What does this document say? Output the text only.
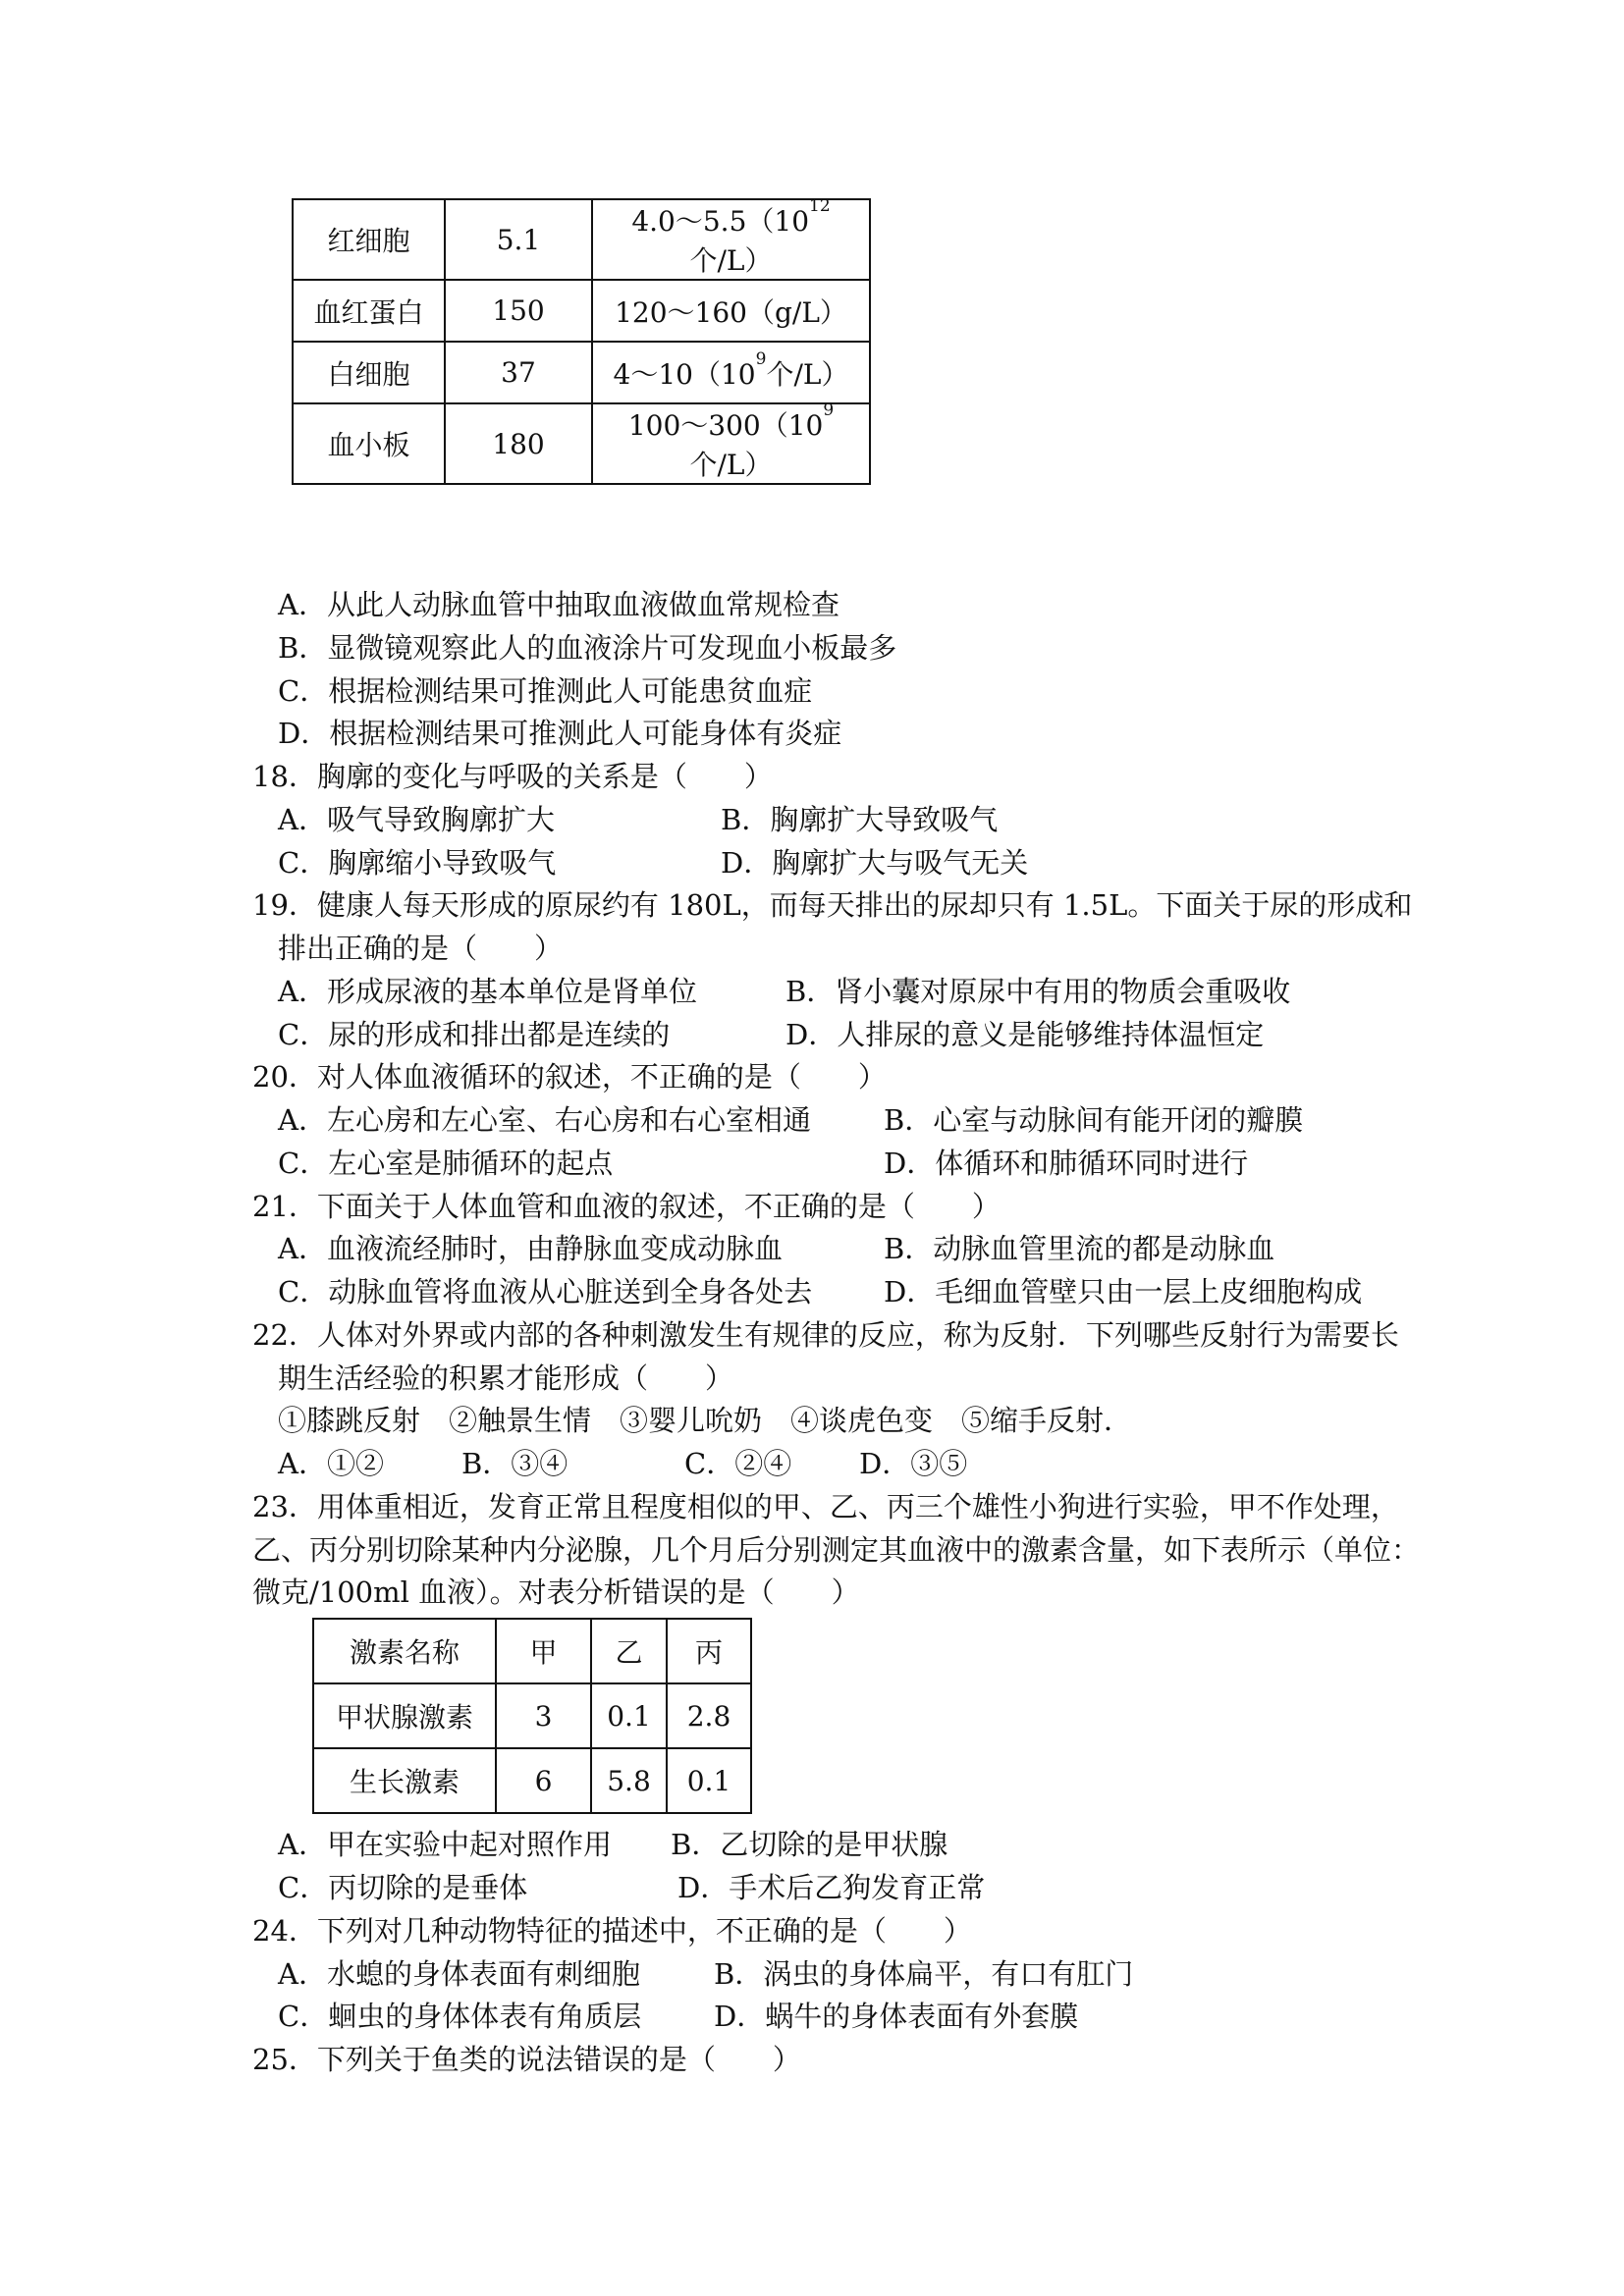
红细胞	5.1	$4.0\sim 5.5(10^{12}$个/L）
血红蛋白	150	120～160（g/L）
白细胞	37	$4\sim 10(10^9$个/L）
血小板	180	$100\sim 300(10^9$个/L）
A．从此人动脉血管中抽取血液做血常规检查
B．显微镜观察此人的血液涂片可发现血小板最多
C．根据检测结果可推测此人可能患贫血症
D．根据检测结果可推测此人可能身体有炎症
18．胸廓的变化与呼吸的关系是（　　）
A．吸气导致胸廓扩大	B．胸廓扩大导致吸气
C．胸廓缩小导致吸气	D．胸廓扩大与吸气无关
19．健康人每天形成的原尿约有 180L，而每天排出的尿却只有 1.5L。下面关于尿的形成和
排出正确的是（　　）
A．形成尿液的基本单位是肾单位	B．肾小囊对原尿中有用的物质会重吸收
C．尿的形成和排出都是连续的	D．人排尿的意义是能够维持体温恒定
20．对人体血液循环的叙述，不正确的是（　　）
A．左心房和左心室、右心房和右心室相通	B．心室与动脉间有能开闭的瓣膜
C．左心室是肺循环的起点	D．体循环和肺循环同时进行
21．下面关于人体血管和血液的叙述，不正确的是（　　）
A．血液流经肺时，由静脉血变成动脉血	B．动脉血管里流的都是动脉血
C．动脉血管将血液从心脏送到全身各处去	D．毛细血管壁只由一层上皮细胞构成
22．人体对外界或内部的各种刺激发生有规律的反应，称为反射．下列哪些反射行为需要长
期生活经验的积累才能形成（　　）
①膝跳反射　②触景生情　③婴儿吮奶　④谈虎色变　⑤缩手反射．
A．①②	B．③④	C．②④ D．③⑤
23．用体重相近，发育正常且程度相似的甲、乙、丙三个雄性小狗进行实验，甲不作处理，
乙、丙分别切除某种内分泌腺，几个月后分别测定其血液中的激素含量，如下表所示（单位：
微克/100ml 血液）。对表分析错误的是（　　）
激素名称	甲	乙	丙
甲状腺激素	3	0.1	2.8
生长激素	6	5.8	0.1
A．甲在实验中起对照作用 B．乙切除的是甲状腺
C．丙切除的是垂体	D．手术后乙狗发育正常
24．下列对几种动物特征的描述中，不正确的是（　　）
A．水螅的身体表面有刺细胞	B．涡虫的身体扁平，有口有肛门
C．蛔虫的身体体表有角质层	D．蜗牛的身体表面有外套膜
25．下列关于鱼类的说法错误的是（　　）
